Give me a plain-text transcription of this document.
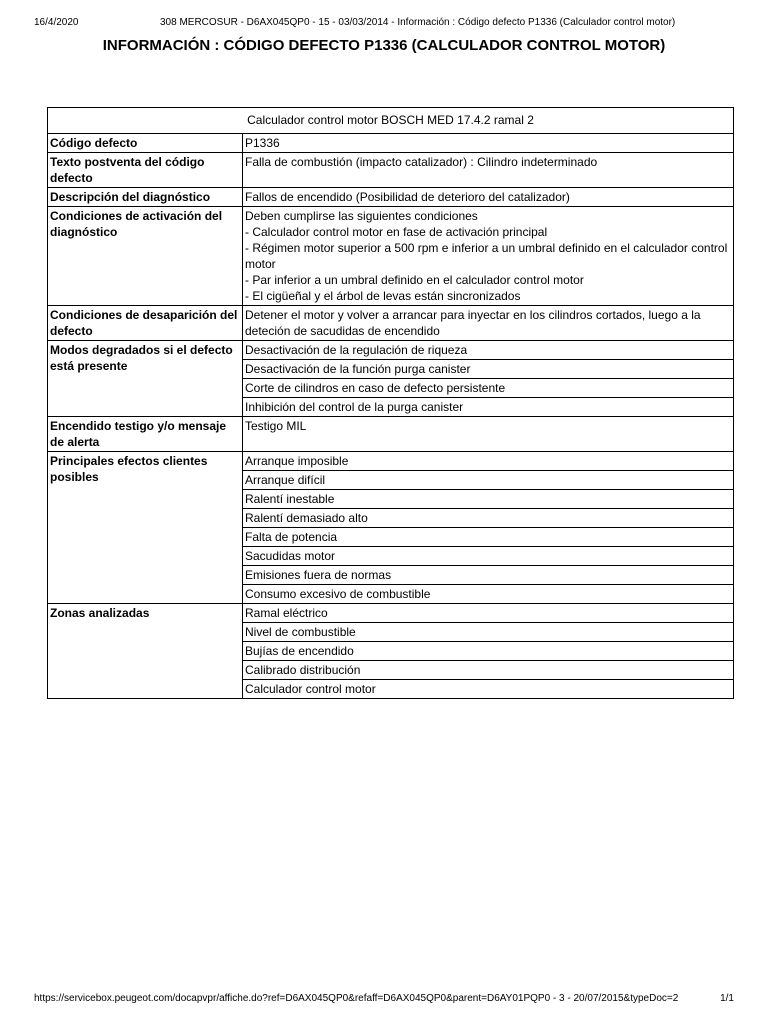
16/4/2020	308 MERCOSUR - D6AX045QP0 - 15 - 03/03/2014 - Información : Código defecto P1336 (Calculador control motor)
INFORMACIÓN : CÓDIGO DEFECTO P1336 (CALCULADOR CONTROL MOTOR)
Calculador control motor BOSCH MED 17.4.2 ramal 2	
Código defecto	P1336
Texto postventa del código defecto	Falla de combustión (impacto catalizador) : Cilindro indeterminado
Descripción del diagnóstico	Fallos de encendido (Posibilidad de deterioro del catalizador)
Condiciones de activación del diagnóstico	Deben cumplirse las siguientes condiciones
- Calculador control motor en fase de activación principal
- Régimen motor superior a 500 rpm e inferior a un umbral definido en el calculador control motor
- Par inferior a un umbral definido en el calculador control motor
- El cigüeñal y el árbol de levas están sincronizados

Condiciones de desaparición del defecto	Detener el motor y volver a arrancar para inyectar en los cilindros cortados, luego a la deteción de sacudidas de encendido
Modos degradados si el defecto está presente	Desactivación de la regulación de riqueza
	Desactivación de la función purga canister
	Corte de cilindros en caso de defecto persistente
	Inhibición del control de la purga canister
Encendido testigo y/o mensaje de alerta	Testigo MIL
Principales efectos clientes posibles	Arranque imposible
	Arranque difícil
	Ralentí inestable
	Ralentí demasiado alto
	Falta de potencia
	Sacudidas motor
	Emisiones fuera de normas
	Consumo excesivo de combustible
Zonas analizadas	Ramal eléctrico
	Nivel de combustible
	Bujías de encendido
	Calibrado distribución
	Calculador control motor
https://servicebox.peugeot.com/docapvpr/affiche.do?ref=D6AX045QP0&refaff=D6AX045QP0&parent=D6AY01PQP0 - 3 - 20/07/2015&typeDoc=2	1/1
